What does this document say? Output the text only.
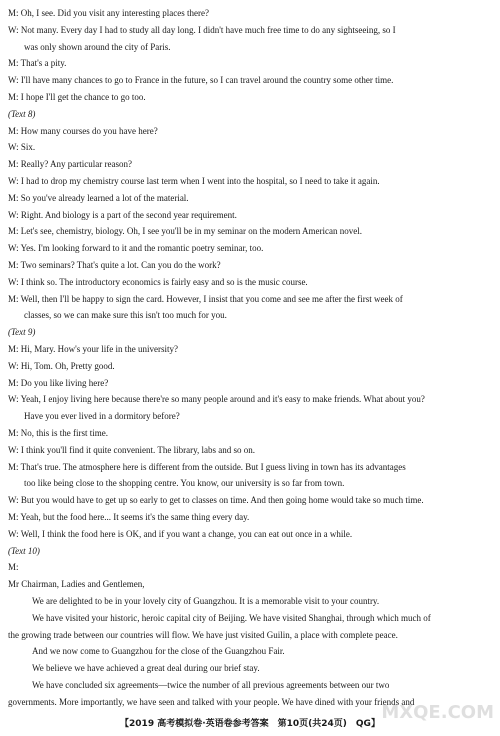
M: Oh, I see. Did you visit any interesting places there?
W: Not many. Every day I had to study all day long. I didn't have much free time to do any sightseeing, so I
was only shown around the city of Paris.
M: That's a pity.
W: I'll have many chances to go to France in the future, so I can travel around the country some other time.
M: I hope I'll get the chance to go too.
(Text 8)
M: How many courses do you have here?
W: Six.
M: Really? Any particular reason?
W: I had to drop my chemistry course last term when I went into the hospital, so I need to take it again.
M: So you've already learned a lot of the material.
W: Right. And biology is a part of the second year requirement.
M: Let's see, chemistry, biology. Oh, I see you'll be in my seminar on the modern American novel.
W: Yes. I'm looking forward to it and the romantic poetry seminar, too.
M: Two seminars? That's quite a lot. Can you do the work?
W: I think so. The introductory economics is fairly easy and so is the music course.
M: Well, then I'll be happy to sign the card. However, I insist that you come and see me after the first week of
classes, so we can make sure this isn't too much for you.
(Text 9)
M: Hi, Mary. How's your life in the university?
W: Hi, Tom. Oh, Pretty good.
M: Do you like living here?
W: Yeah, I enjoy living here because there're so many people around and it's easy to make friends. What about you?
Have you ever lived in a dormitory before?
M: No, this is the first time.
W: I think you'll find it quite convenient. The library, labs and so on.
M: That's true. The atmosphere here is different from the outside. But I guess living in town has its advantages
too like being close to the shopping centre. You know, our university is so far from town.
W: But you would have to get up so early to get to classes on time. And then going home would take so much time.
M: Yeah, but the food here... It seems it's the same thing every day.
W: Well, I think the food here is OK, and if you want a change, you can eat out once in a while.
(Text 10)
M:
Mr Chairman, Ladies and Gentlemen,
We are delighted to be in your lovely city of Guangzhou. It is a memorable visit to your country.
We have visited your historic, heroic capital city of Beijing. We have visited Shanghai, through which much of
the growing trade between our countries will flow. We have just visited Guilin, a place with complete peace.
And we now come to Guangzhou for the close of the Guangzhou Fair.
We believe we have achieved a great deal during our brief stay.
We have concluded six agreements—twice the number of all previous agreements between our two
governments. More importantly, we have seen and talked with your people. We have dined with your friends and
【2019 高考模拟卷·英语卷参考答案　第10页(共24页)　QG】
MXQE.COM
